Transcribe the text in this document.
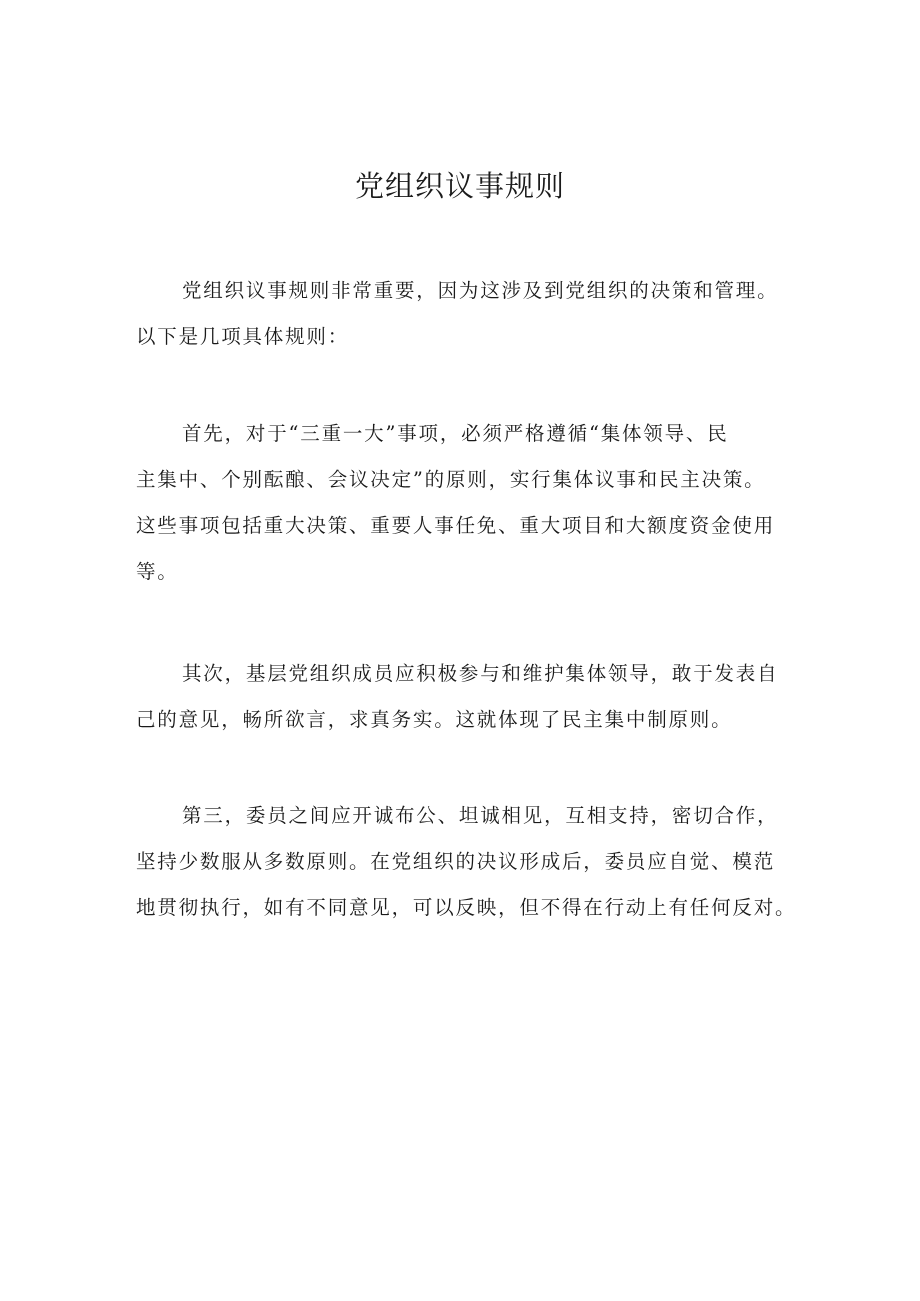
党组织议事规则

党组织议事规则非常重要，因为这涉及到党组织的决策和管理。
以下是几项具体规则：

首先，对于“三重一大”事项，必须严格遵循“集体领导、民
主集中、个别酝酿、会议决定”的原则，实行集体议事和民主决策。
这些事项包括重大决策、重要人事任免、重大项目和大额度资金使用
等。

其次，基层党组织成员应积极参与和维护集体领导，敢于发表自
己的意见，畅所欲言，求真务实。这就体现了民主集中制原则。

第三，委员之间应开诚布公、坦诚相见，互相支持，密切合作，
坚持少数服从多数原则。在党组织的决议形成后，委员应自觉、模范
地贯彻执行，如有不同意见，可以反映，但不得在行动上有任何反对。
